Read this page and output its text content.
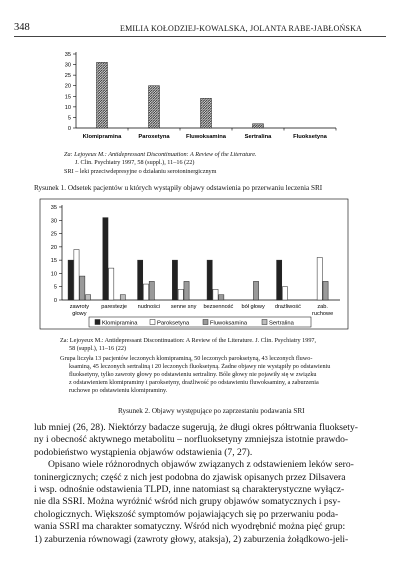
348	EMILIA KOŁODZIEJ-KOWALSKA, JOLANTA RABE-JABŁOŃSKA
0
5
10
15
20
25
30
35
Klomipramina	Paroxetyna	Fluwoksamina	Sertralina	Fluoksetyna
Za: Lejoyeux M.: Antidepressant Discontinuation: A Review of the Literature.
J. Clin. Psychiatry 1997, 58 (suppl.), 11–16 (22)
SRI – leki przeciwdepresyjne o działaniu serotoninergicznym
Rysunek 1. Odsetek pacjentów u których wystąpiły objawy odstawienia po przerwaniu leczenia SRI
0
5
10
15
20
25
30
35
zawroty
głowy
parestezje nudności senne sny bezsenność bół głowy drażliwość	zab.
ruchowe
Klomipramina	Paroksetyna	Fluwoksamina	Sertralina
Za: Lejoyeux M.: Antidepressant Discontinuation: A Review of the Literature. J. Clin. Psychiatry 1997,
58 (suppl.), 11–16 (22)
Grupa liczyła 13 pacjentów leczonych klomipraminą, 50 leczonych paroksetyną, 43 leczonych fluwo-
ksaminą, 45 leczonych sertraliną i 20 leczonych fluoksetyną. Żadne objawy nie wystąpiły po odstawieniu
fluoksetyny, tylko zawroty głowy po odstawieniu sertraliny. Bóle głowy nie pojawiły się w związku
z odstawieniem klomipraminy i paroksetyny, drażliwość po odstawieniu fluwoksaminy, a zaburzenia
ruchowe po odstawieniu klomipraminy.
Rysunek 2. Objawy występujące po zaprzestaniu podawania SRI

lub mniej (26, 28). Niektórzy badacze sugerują, że długi okres półtrwania fluoksety-

ny i obecność aktywnego metabolitu – norfluoksetyny zmniejsza istotnie prawdo-

podobieństwo wystąpienia objawów odstawienia (7, 27).

Opisano wiele różnorodnych objawów związanych z odstawieniem leków sero-

toninergicznych; część z nich jest podobna do zjawisk opisanych przez Dilsavera

i wsp. odnośnie odstawienia TLPD, inne natomiast są charakterystyczne wyłącz-

nie dla SSRI. Można wyróżnić wśród nich grupy objawów somatycznych i psy-

chologicznych. Większość symptomów pojawiających się po przerwaniu poda-

wania SSRI ma charakter somatyczny. Wśród nich wyodrębnić można pięć grup:

1) zaburzenia równowagi (zawroty głowy, ataksja), 2) zaburzenia żołądkowo-jeli-
